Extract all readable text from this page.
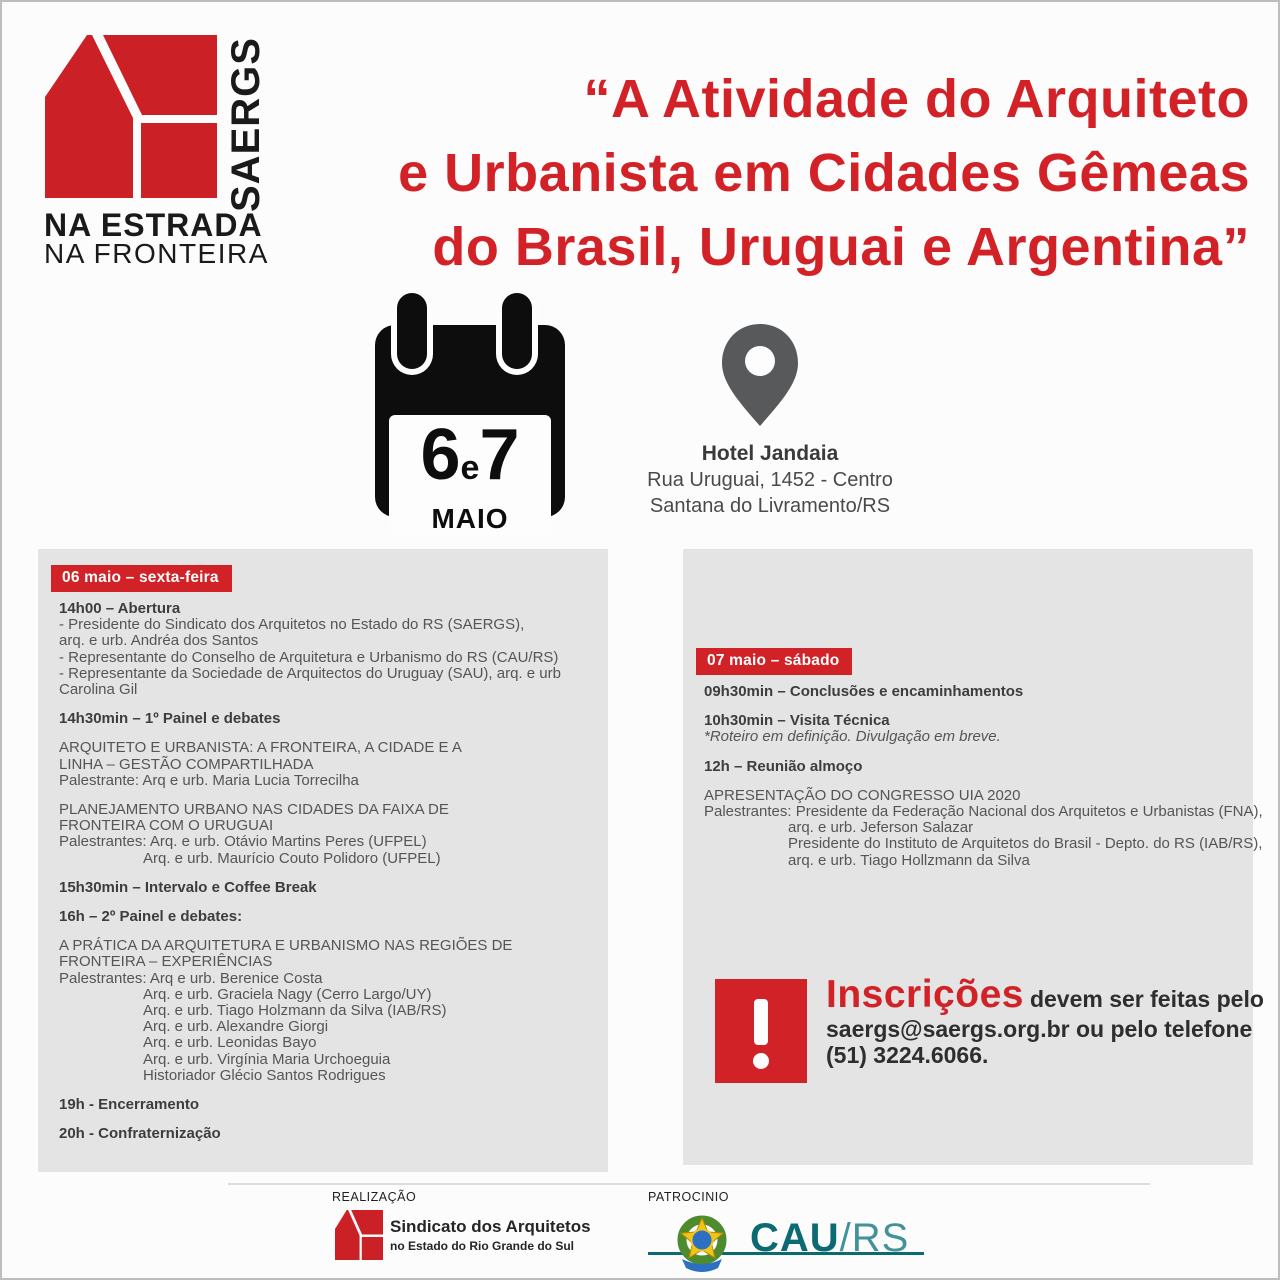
SAERGS
NA ESTRADA
NA FRONTEIRA
“A Atividade do Arquiteto
e Urbanista em Cidades Gêmeas
do Brasil, Uruguai e Argentina”
6e7
MAIO
Hotel Jandaia
Rua Uruguai, 1452 - Centro
Santana do Livramento/RS
06 maio – sexta-feira
14h00 – Abertura
- Presidente do Sindicato dos Arquitetos no Estado do RS (SAERGS),
arq. e urb. Andréa dos Santos
- Representante do Conselho de Arquitetura e Urbanismo do RS (CAU/RS)
- Representante da Sociedade de Arquitectos do Uruguay (SAU), arq. e urb
Carolina Gil
14h30min – 1º Painel e debates
ARQUITETO E URBANISTA: A FRONTEIRA, A CIDADE E A
LINHA – GESTÃO COMPARTILHADA
Palestrante: Arq e urb. Maria Lucia Torrecilha
PLANEJAMENTO URBANO NAS CIDADES DA FAIXA DE
FRONTEIRA COM O URUGUAI
Palestrantes: Arq. e urb. Otávio Martins Peres (UFPEL)
Arq. e urb. Maurício Couto Polidoro (UFPEL)
15h30min – Intervalo e Coffee Break
16h – 2º Painel e debates:
A PRÁTICA DA ARQUITETURA E URBANISMO NAS REGIÕES DE
FRONTEIRA – EXPERIÊNCIAS
Palestrantes: Arq e urb. Berenice Costa
Arq. e urb. Graciela Nagy (Cerro Largo/UY)
Arq. e urb. Tiago Holzmann da Silva (IAB/RS)
Arq. e urb. Alexandre Giorgi
Arq. e urb. Leonidas Bayo
Arq. e urb. Virgínia Maria Urchoeguia
Historiador Glécio Santos Rodrigues
19h - Encerramento
20h - Confraternização
07 maio – sábado
09h30min – Conclusões e encaminhamentos
10h30min – Visita Técnica
*Roteiro em definição. Divulgação em breve.
12h – Reunião almoço
APRESENTAÇÃO DO CONGRESSO UIA 2020
Palestrantes: Presidente da Federação Nacional dos Arquitetos e Urbanistas (FNA),
arq. e urb. Jeferson Salazar
Presidente do Instituto de Arquitetos do Brasil - Depto. do RS (IAB/RS),
arq. e urb. Tiago Hollzmann da Silva
Inscrições devem ser feitas pelo
saergs@saergs.org.br ou pelo telefone
(51) 3224.6066.
REALIZAÇÃO	PATROCINIO
Sindicato dos Arquitetos
no Estado do Rio Grande do Sul	CAU/RS
